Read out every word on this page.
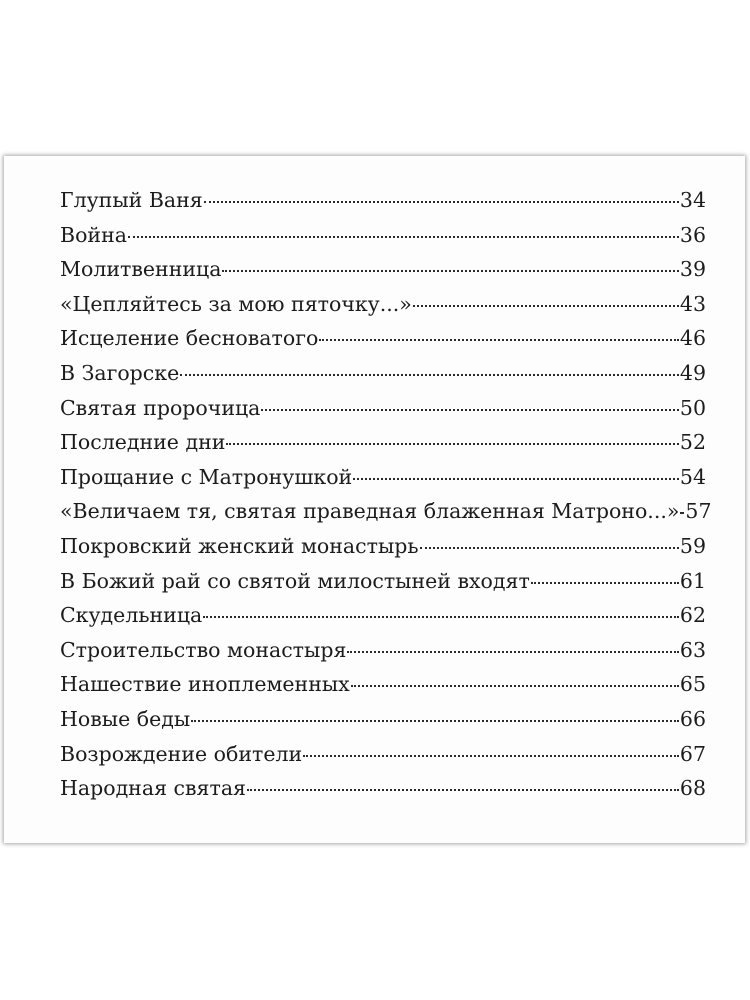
Глупый Ваня	34
Война	36
Молитвенница	39
«Цепляйтесь за мою пяточку...»	43
Исцеление бесноватого	46
В Загорске	49
Святая пророчица	50
Последние дни	52
Прощание с Матронушкой	54
«Величаем тя, святая праведная блаженная Матроно...» 57
Покровский женский монастырь	59
В Божий рай со святой милостыней входят	61
Скудельница	62
Строительство монастыря	63
Нашествие иноплеменных	65
Новые беды	66
Возрождение обители	67
Народная святая	68
